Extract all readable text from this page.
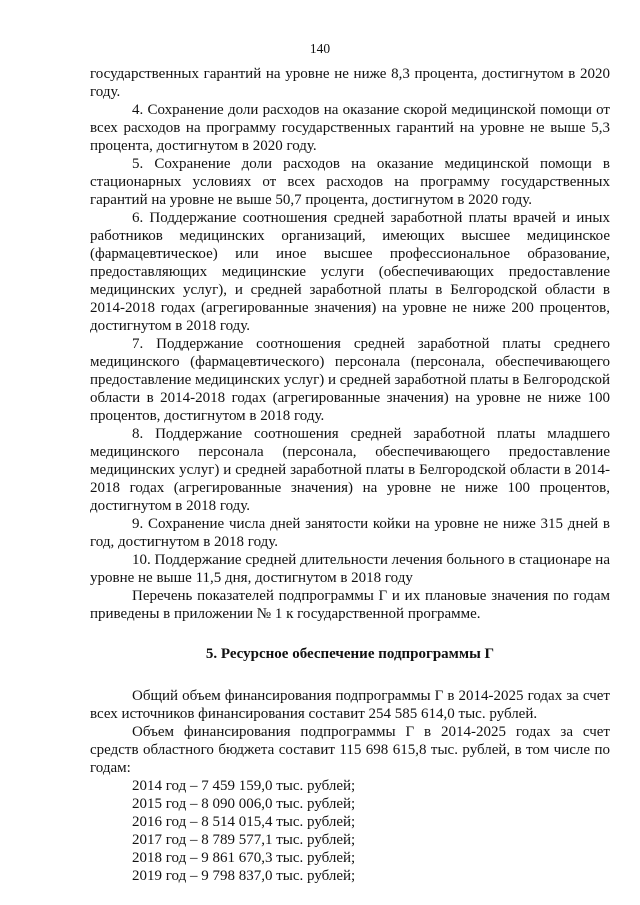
140

государственных гарантий на уровне не ниже 8,3 процента, достигнутом в 2020 году.

4. Сохранение доли расходов на оказание скорой медицинской помощи от всех расходов на программу государственных гарантий на уровне не выше 5,3 процента, достигнутом в 2020 году.

5. Сохранение доли расходов на оказание медицинской помощи в стационарных условиях от всех расходов на программу государственных гарантий на уровне не выше 50,7 процента, достигнутом в 2020 году.

6. Поддержание соотношения средней заработной платы врачей и иных работников медицинских организаций, имеющих высшее медицинское (фармацевтическое) или иное высшее профессиональное образование, предоставляющих медицинские услуги (обеспечивающих предоставление медицинских услуг), и средней заработной платы в Белгородской области в 2014-2018 годах (агрегированные значения) на уровне не ниже 200 процентов, достигнутом в 2018 году.

7. Поддержание соотношения средней заработной платы среднего медицинского (фармацевтического) персонала (персонала, обеспечивающего предоставление медицинских услуг) и средней заработной платы в Белгородской области в 2014-2018 годах (агрегированные значения) на уровне не ниже 100 процентов, достигнутом в 2018 году.

8. Поддержание соотношения средней заработной платы младшего медицинского персонала (персонала, обеспечивающего предоставление медицинских услуг) и средней заработной платы в Белгородской области в 2014-2018 годах (агрегированные значения) на уровне не ниже 100 процентов, достигнутом в 2018 году.

9. Сохранение числа дней занятости койки на уровне не ниже 315 дней в год, достигнутом в 2018 году.

10. Поддержание средней длительности лечения больного в стационаре на уровне не выше 11,5 дня, достигнутом в 2018 году

Перечень показателей подпрограммы Г и их плановые значения по годам приведены в приложении № 1 к государственной программе.

5. Ресурсное обеспечение подпрограммы Г

Общий объем финансирования подпрограммы Г в 2014-2025 годах за счет всех источников финансирования составит 254 585 614,0 тыс. рублей.

Объем финансирования подпрограммы Г в 2014-2025 годах за счет средств областного бюджета составит 115 698 615,8 тыс. рублей, в том числе по годам:

2014 год – 7 459 159,0 тыс. рублей;
2015 год – 8 090 006,0 тыс. рублей;
2016 год – 8 514 015,4 тыс. рублей;
2017 год – 8 789 577,1 тыс. рублей;
2018 год – 9 861 670,3 тыс. рублей;
2019 год – 9 798 837,0 тыс. рублей;
